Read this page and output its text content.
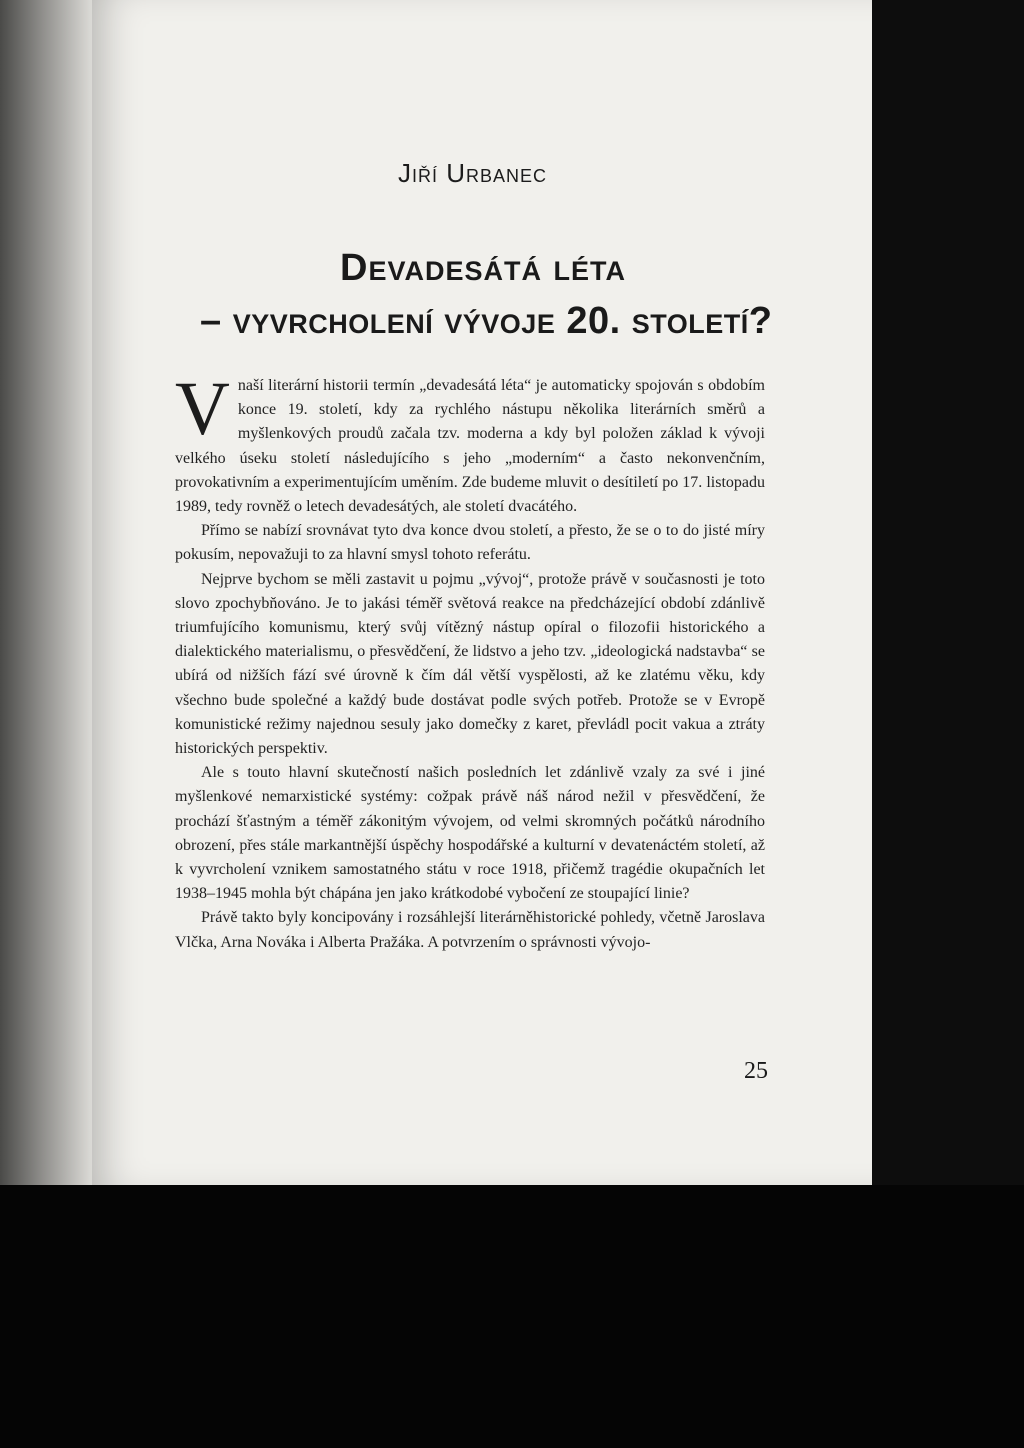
Jiří Urbanec
Devadesátá léta
– vyvrcholení vývoje 20. století?

V naší literární historii termín „devadesátá léta“ je automaticky spojován s obdobím konce 19. století, kdy za rychlého nástupu několika literárních směrů a myšlenkových proudů začala tzv. moderna a kdy byl položen základ k vývoji velkého úseku století následujícího s jeho „moderním“ a často nekonvenčním, provokativním a experimentujícím uměním. Zde budeme mluvit o desítiletí po 17. listopadu 1989, tedy rovněž o letech devadesátých, ale století dvacátého.

Přímo se nabízí srovnávat tyto dva konce dvou století, a přesto, že se o to do jisté míry pokusím, nepovažuji to za hlavní smysl tohoto referátu.

Nejprve bychom se měli zastavit u pojmu „vývoj“, protože právě v současnosti je toto slovo zpochybňováno. Je to jakási téměř světová reakce na předcházející období zdánlivě triumfujícího komunismu, který svůj vítězný nástup opíral o filozofii historického a dialektického materialismu, o přesvědčení, že lidstvo a jeho tzv. „ideologická nadstavba“ se ubírá od nižších fází své úrovně k čím dál větší vyspělosti, až ke zlatému věku, kdy všechno bude společné a každý bude dostávat podle svých potřeb. Protože se v Evropě komunistické režimy najednou sesuly jako domečky z karet, převládl pocit vakua a ztráty historických perspektiv.

Ale s touto hlavní skutečností našich posledních let zdánlivě vzaly za své i jiné myšlenkové nemarxistické systémy: cožpak právě náš národ nežil v přesvědčení, že prochází šťastným a téměř zákonitým vývojem, od velmi skromných počátků národního obrození, přes stále markantnější úspěchy hospodářské a kulturní v devatenáctém století, až k vyvrcholení vznikem samostatného státu v roce 1918, přičemž tragédie okupačních let 1938–1945 mohla být chápána jen jako krátkodobé vybočení ze stoupající linie?

Právě takto byly koncipovány i rozsáhlejší literárněhistorické pohledy, včetně Jaroslava Vlčka, Arna Nováka i Alberta Pražáka. A potvrzením o správnosti vývojo-

25
